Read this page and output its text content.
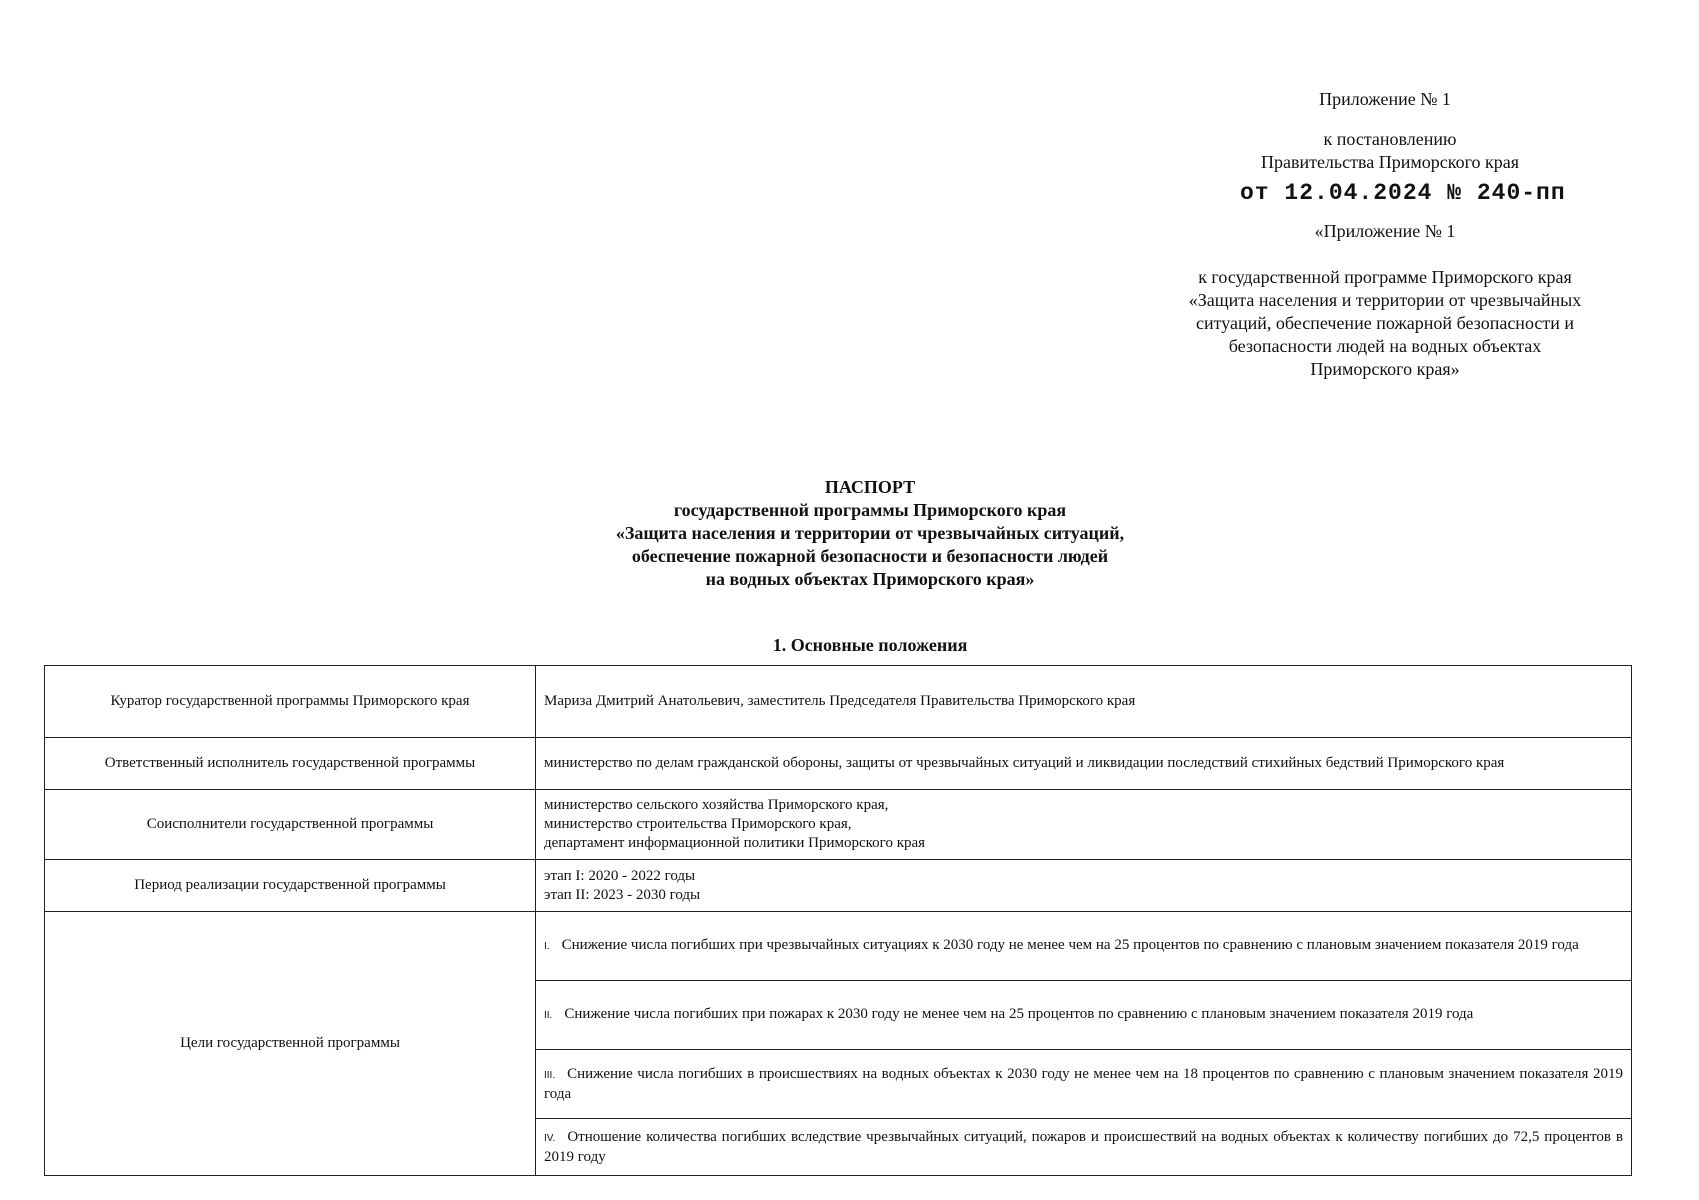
Приложение № 1
к постановлению
Правительства Приморского края
от 12.04.2024 № 240-пп
«Приложение № 1
к государственной программе Приморского края
«Защита населения и территории от чрезвычайных
ситуаций, обеспечение пожарной безопасности и
безопасности людей на водных объектах
Приморского края»
ПАСПОРТ
государственной программы Приморского края
«Защита населения и территории от чрезвычайных ситуаций,
обеспечение пожарной безопасности и безопасности людей
на водных объектах Приморского края»
1. Основные положения
Куратор государственной программы Приморского края	Мариза Дмитрий Анатольевич, заместитель Председателя Правительства Приморского края

Ответственный исполнитель государственной программы	министерство по делам гражданской обороны, защиты от чрезвычайных ситуаций и ликвидации последствий стихийных бедствий Приморского края

Соисполнители государственной программы	министерство сельского хозяйства Приморского края,
министерство строительства Приморского края,
департамент информационной политики Приморского края

Период реализации государственной программы	этап I: 2020 - 2022 годы
этап II: 2023 - 2030 годы

Цели государственной программы	I. Снижение числа погибших при чрезвычайных ситуациях к 2030 году не менее чем на 25 процентов по сравнению с плановым значением показателя 2019 года
	II. Снижение числа погибших при пожарах к 2030 году не менее чем на 25 процентов по сравнению с плановым значением показателя 2019 года
	III. Снижение числа погибших в происшествиях на водных объектах к 2030 году не менее чем на 18 процентов по сравнению с плановым значением показателя 2019 года
	IV. Отношение количества погибших вследствие чрезвычайных ситуаций, пожаров и происшествий на водных объектах к количеству погибших до 72,5 процентов в 2019 году
